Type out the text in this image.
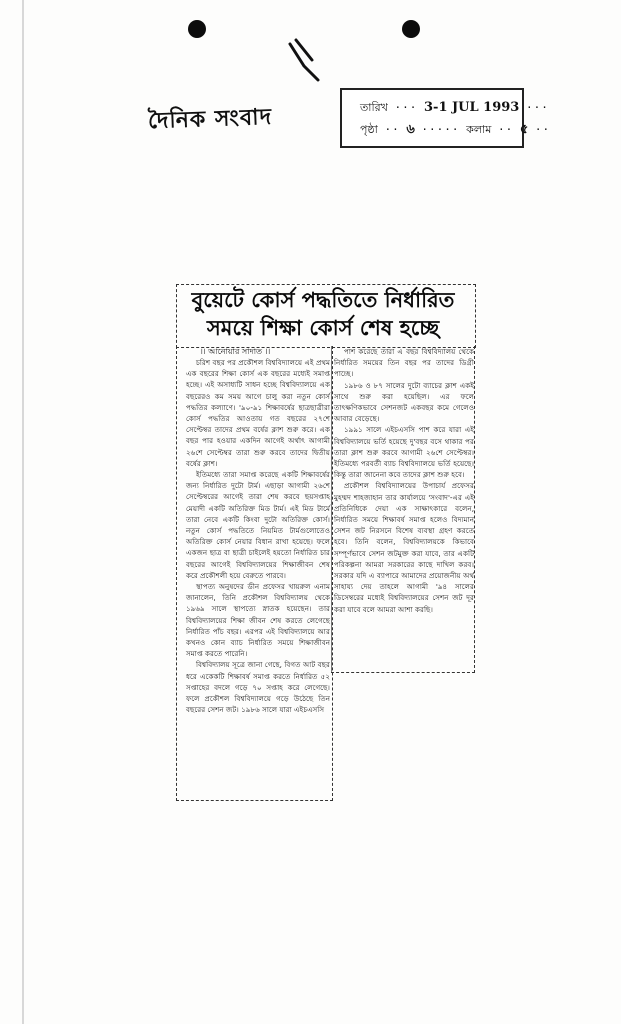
দৈনিক সংবাদ	তারিখ ··· 3-1 JUL 1993 ···
পৃষ্ঠা ·· ৬ ····· কলাম ·· ৫ ··
বুয়েটে কোর্স পদ্ধতিতে নির্ধারিত
সময়ে শিক্ষা কোর্স শেষ হচ্ছে
।। আনোয়ার সাদাত ।।

চরিশ বছর পর প্রকৌশল বিশ্ববিদ্যালয়ে এই প্রথম এক বছরের শিক্ষা কোর্স এক বছরের মধ্যেই সমাপ্ত হচ্ছে। এই অসাধ্যটি সাধন হচ্ছে বিশ্ববিদ্যালয়ে এক বছরেরও কম সময় আগে চালু করা নতুন কোর্স পদ্ধতির কল্যাণে। '৯০-৯১ শিক্ষাবর্ষের ছাত্রছাত্রীরা কোর্স পদ্ধতির আওতায় গত বছরের ২৭শে সেপ্টেম্বর তাদের প্রথম বর্ষের ক্লাশ শুরু করে। এক বছর পার হওয়ার একদিন আগেই অর্থাৎ আগামী ২৬শে সেপ্টেম্বর তারা শুরু করবে তাদের দ্বিতীয় বর্ষের ক্লাশ।

ইতিমধ্যে তারা সমাপ্ত করেছে একটি শিক্ষাবর্ষের জন্য নির্ধারিত দুটো টার্ম। এছাড়া আগামী ২৬শে সেপ্টেম্বরের আগেই তারা শেষ করবে ছয়সপ্তাহ মেয়াদী একটি অতিরিক্ত মিড টার্ম। এই মিড টার্মে তারা নেবে একটি কিংবা দুটো অতিরিক্ত কোর্স। নতুন কোর্স পদ্ধতিতে নিয়মিত টার্মগুলোতেও অতিরিক্ত কোর্স নেয়ার বিধান রাখা হয়েছে। ফলে একজন ছাত্র বা ছাত্রী চাইলেই হয়তো নির্ধারিত চার বছরের আগেই বিশ্ববিদ্যালয়ের শিক্ষাজীবন শেষ করে প্রকৌশলী হয়ে বেরুতে পারবে।

স্থাপত্য অনুষদের ডীন প্রফেসর খায়রুল এনাম জানালেন, তিনি প্রকৌশল বিশ্ববিদ্যালয় থেকে ১৯৬৯ সালে স্থাপত্যে স্নাতক হয়েছেন। তার বিশ্ববিদ্যালয়ের শিক্ষা জীবন শেষ করতে লেগেছে নির্ধারিত পাঁচ বছর। এরপর এই বিশ্ববিদ্যালয়ে আর কখনও কোন ব্যাচ নির্ধারিত সময়ে শিক্ষাজীবন সমাপ্ত করতে পারেনি।

বিশ্ববিদ্যালয় সূত্রে জানা গেছে, বিগত আট বছর ধরে একেকটি শিক্ষাবর্ষ সমাপ্ত করতে নির্ধারিত ৫২ সপ্তাহের বদলে গড়ে ৭০ সপ্তাহ করে লেগেছে। ফলে প্রকৌশল বিশ্ববিদ্যালয়ে গড়ে উঠেছে তিন বছরের সেশন জট। ১৯৮৬ সালে যারা এইচএসসি

পাশ করেছে তারা এ বছর বিশ্ববিদ্যালয় থেকে নির্ধারিত সময়ের তিন বছর পর তাদের ডিগ্রী পাচ্ছে।

১৯৮৬ ও ৮৭ সালের দুটো ব্যাচের ক্লাশ একই সাথে শুরু করা হয়েছিল। এর ফলে তাৎক্ষণিকভাবে সেশনজট একবছর কমে গেলেও আবার বেড়েছে।

১৯৯১ সালে এইচএসসি পাশ করে যারা এই বিশ্ববিদ্যালয়ে ভর্তি হয়েছে দু'বছর বসে থাকার পর তারা ক্লাশ শুরু করবে আগামী ২৬শে সেপ্টেম্বর। ইতিমধ্যে পরবর্তী ব্যাচ বিশ্ববিদ্যালয়ে ভর্তি হয়েছে। কিন্তু তারা জানেনা কবে তাদের ক্লাশ শুরু হবে।

প্রকৌশল বিশ্ববিদ্যালয়ের উপাচার্য প্রফেসর মুহম্মদ শাহজাহান তার কার্যালয়ে 'সংবাদ'-এর এই প্রতিনিধিকে দেয়া এক সাক্ষাৎকারে বলেন, নির্ধারিত সময়ে শিক্ষাবর্ষ সমাপ্ত হলেও বিদ্যমান সেশন জট নিরসনে বিশেষ ব্যবস্থা গ্রহণ করতে হবে। তিনি বলেন, বিশ্ববিদ্যালয়কে কিভাবে সম্পূর্ণভাবে সেশন জটমুক্ত করা যাবে, তার একটি পরিকল্পনা আমরা সরকারের কাছে দাখিল করব। সরকার যদি এ ব্যাপারে আমাদের প্রয়োজনীয় অর্থ সাহায্য দেয় তাহলে আগামী '৯৪ সালের ডিসেম্বরের মধ্যেই বিশ্ববিদ্যালয়ের সেশন জট দূর করা যাবে বলে আমরা আশা করছি।
